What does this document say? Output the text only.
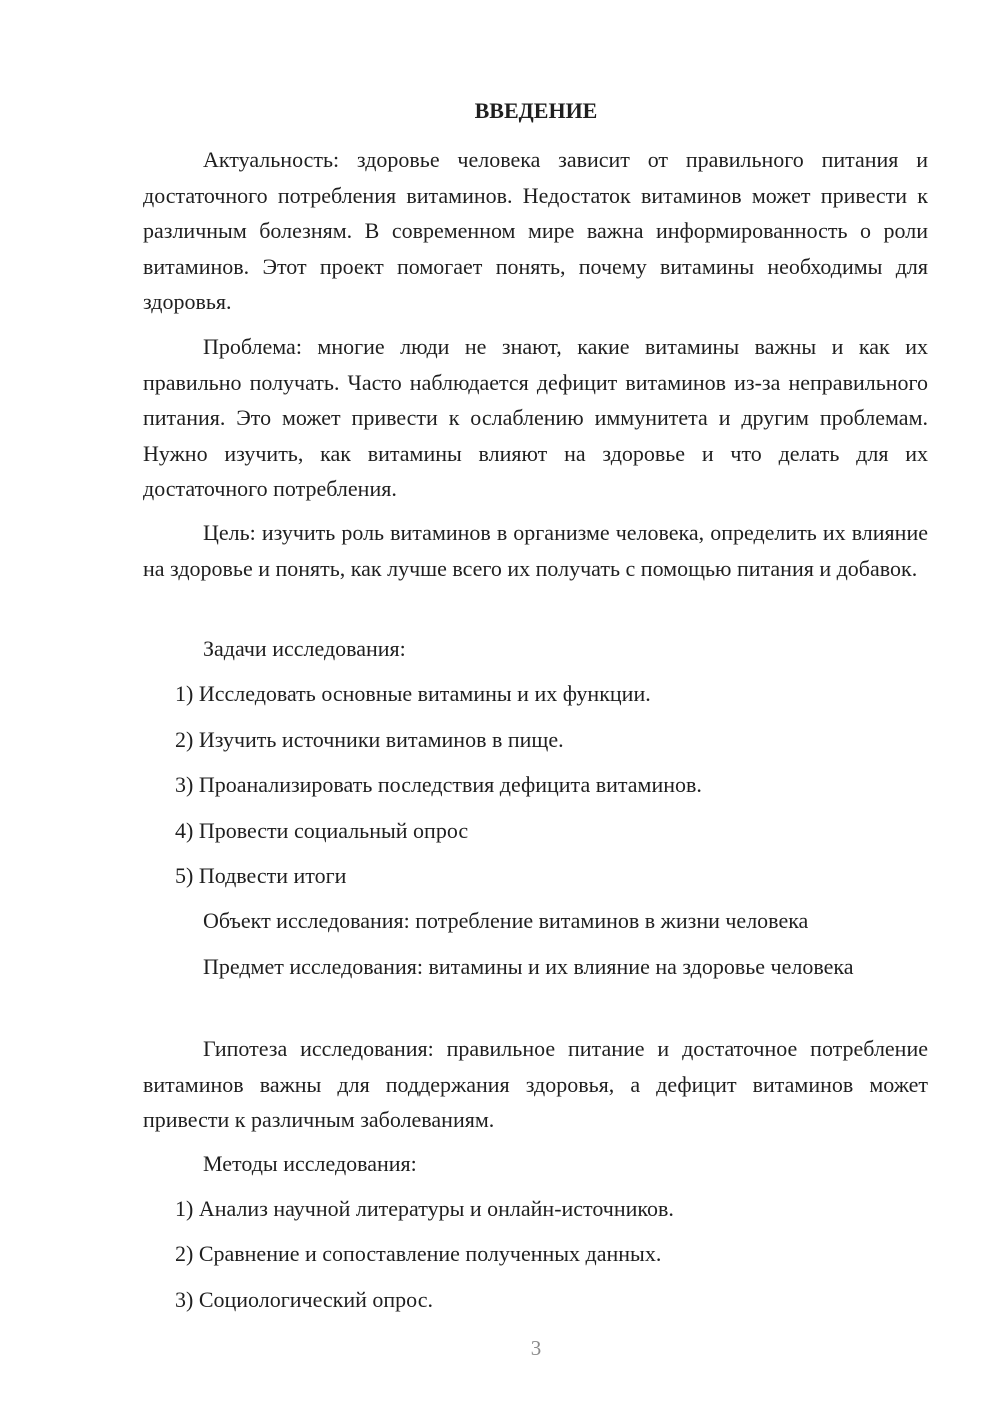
ВВЕДЕНИЕ

Актуальность: здоровье человека зависит от правильного питания и достаточного потребления витаминов. Недостаток витаминов может привести к различным болезням. В современном мире важна информированность о роли витаминов. Этот проект помогает понять, почему витамины необходимы для здоровья.

Проблема: многие люди не знают, какие витамины важны и как их правильно получать. Часто наблюдается дефицит витаминов из-за неправильного питания. Это может привести к ослаблению иммунитета и другим проблемам. Нужно изучить, как витамины влияют на здоровье и что делать для их достаточного потребления.

Цель: изучить роль витаминов в организме человека, определить их влияние на здоровье и понять, как лучше всего их получать с помощью питания и добавок.

Задачи исследования:

1) Исследовать основные витамины и их функции.

2) Изучить источники витаминов в пище.

3) Проанализировать последствия дефицита витаминов.

4) Провести социальный опрос

5) Подвести итоги

Объект исследования: потребление витаминов в жизни человека

Предмет исследования: витамины и их влияние на здоровье человека

Гипотеза исследования: правильное питание и достаточное потребление витаминов важны для поддержания здоровья, а дефицит витаминов может привести к различным заболеваниям.

Методы исследования:

1) Анализ научной литературы и онлайн-источников.

2) Сравнение и сопоставление полученных данных.

3) Социологический опрос.

3
